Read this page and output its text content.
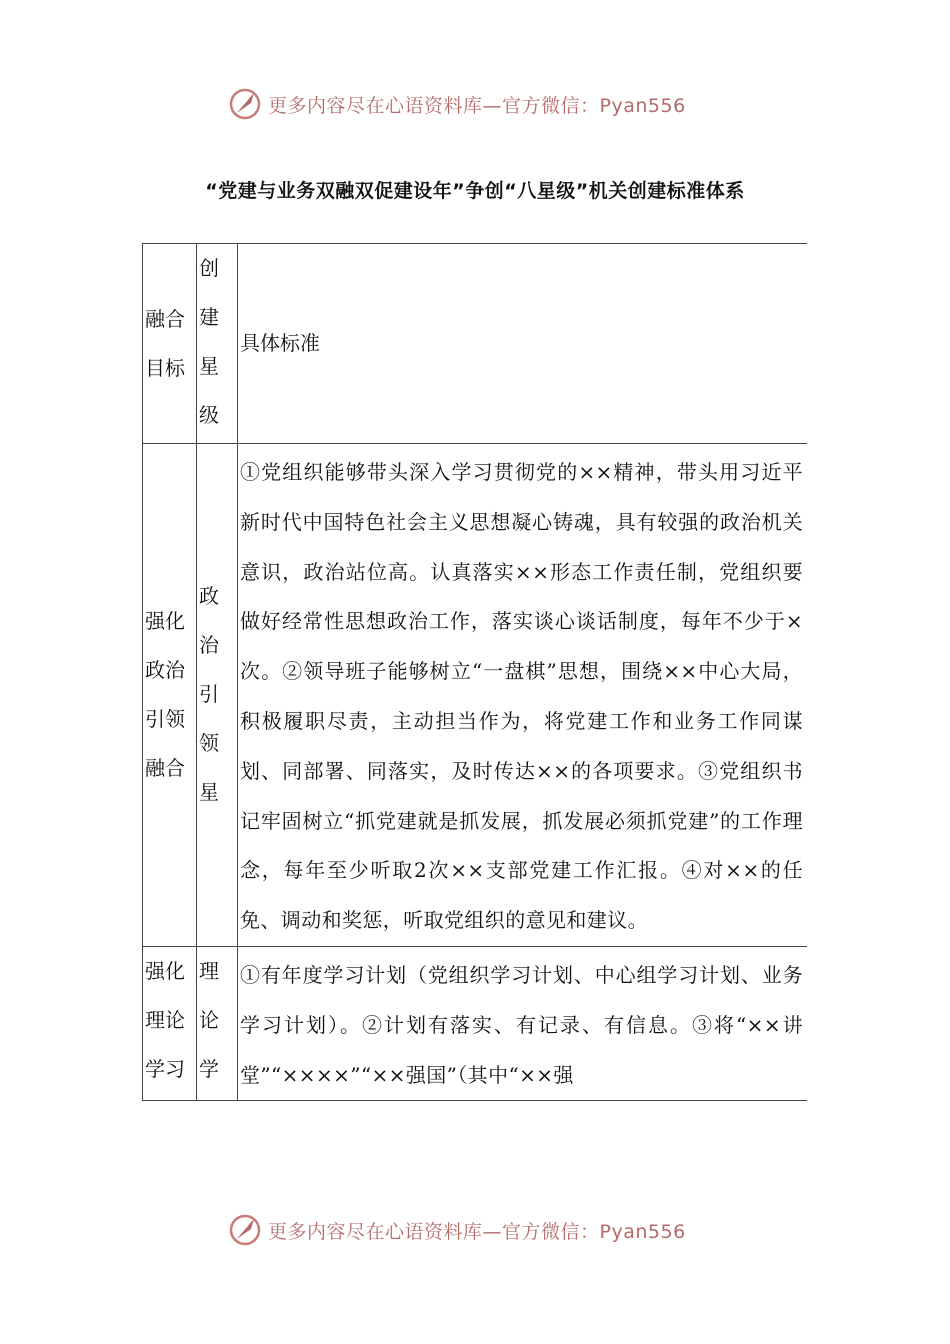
更多内容尽在心语资料库—官方微信：Pyan556
“党建与业务双融双促建设年”争创“八星级”机关创建标准体系
融合目标	创建星级	具体标准

强化政治引领融合	政治引领星	①党组织能够带头深入学习贯彻党的××精神，带头用习近平新时代中国特色社会主义思想凝心铸魂，具有较强的政治机关意识，政治站位高。认真落实××形态工作责任制，党组织要做好经常性思想政治工作，落实谈心谈话制度，每年不少于×次。②领导班子能够树立“一盘棋”思想，围绕××中心大局，积极履职尽责，主动担当作为，将党建工作和业务工作同谋划、同部署、同落实，及时传达××的各项要求。③党组织书记牢固树立“抓党建就是抓发展，抓发展必须抓党建”的工作理念，每年至少听取2次××支部党建工作汇报。④对××的任免、调动和奖惩，听取党组织的意见和建议。

强化理论学习	理论学	①有年度学习计划（党组织学习计划、中心组学习计划、业务学习计划）。②计划有落实、有记录、有信息。③将“××讲堂”“××××”“××强国”（其中“××强
更多内容尽在心语资料库—官方微信：Pyan556
